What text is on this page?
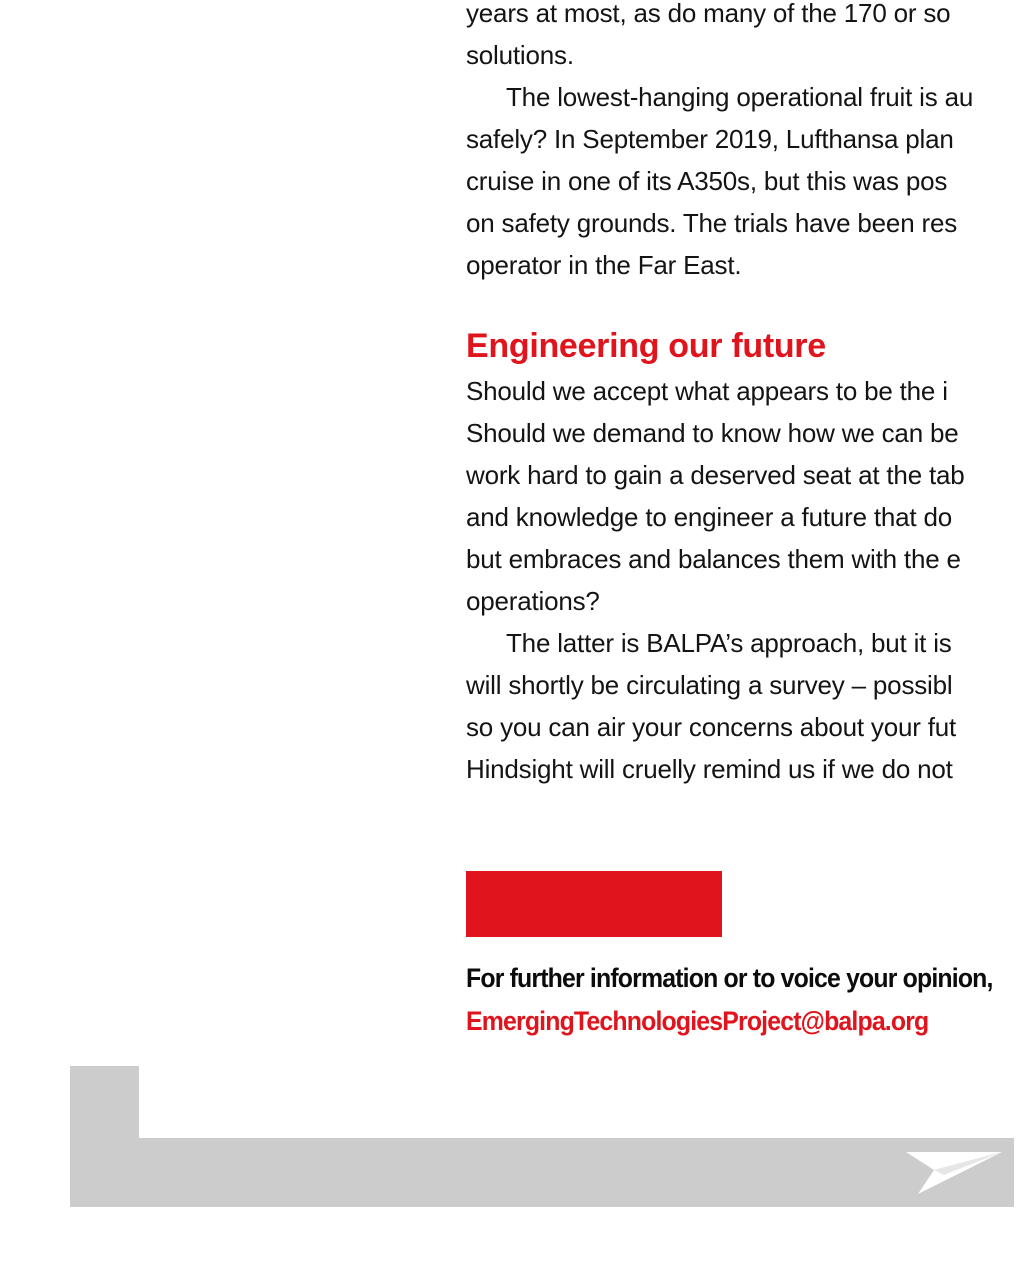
years at most, as do many of the 170 or so
solutions.
The lowest-hanging operational fruit is au
safely? In September 2019, Lufthansa plan
cruise in one of its A350s, but this was pos
on safety grounds. The trials have been res
operator in the Far East.
Engineering our future
Should we accept what appears to be the i
Should we demand to know how we can be
work hard to gain a deserved seat at the tab
and knowledge to engineer a future that do
but embraces and balances them with the e
operations?
The latter is BALPA’s approach, but it is
will shortly be circulating a survey – possibl
so you can air your concerns about your fut
Hindsight will cruelly remind us if we do not
For further information or to voice your opinion,
EmergingTechnologiesProject@balpa.org
